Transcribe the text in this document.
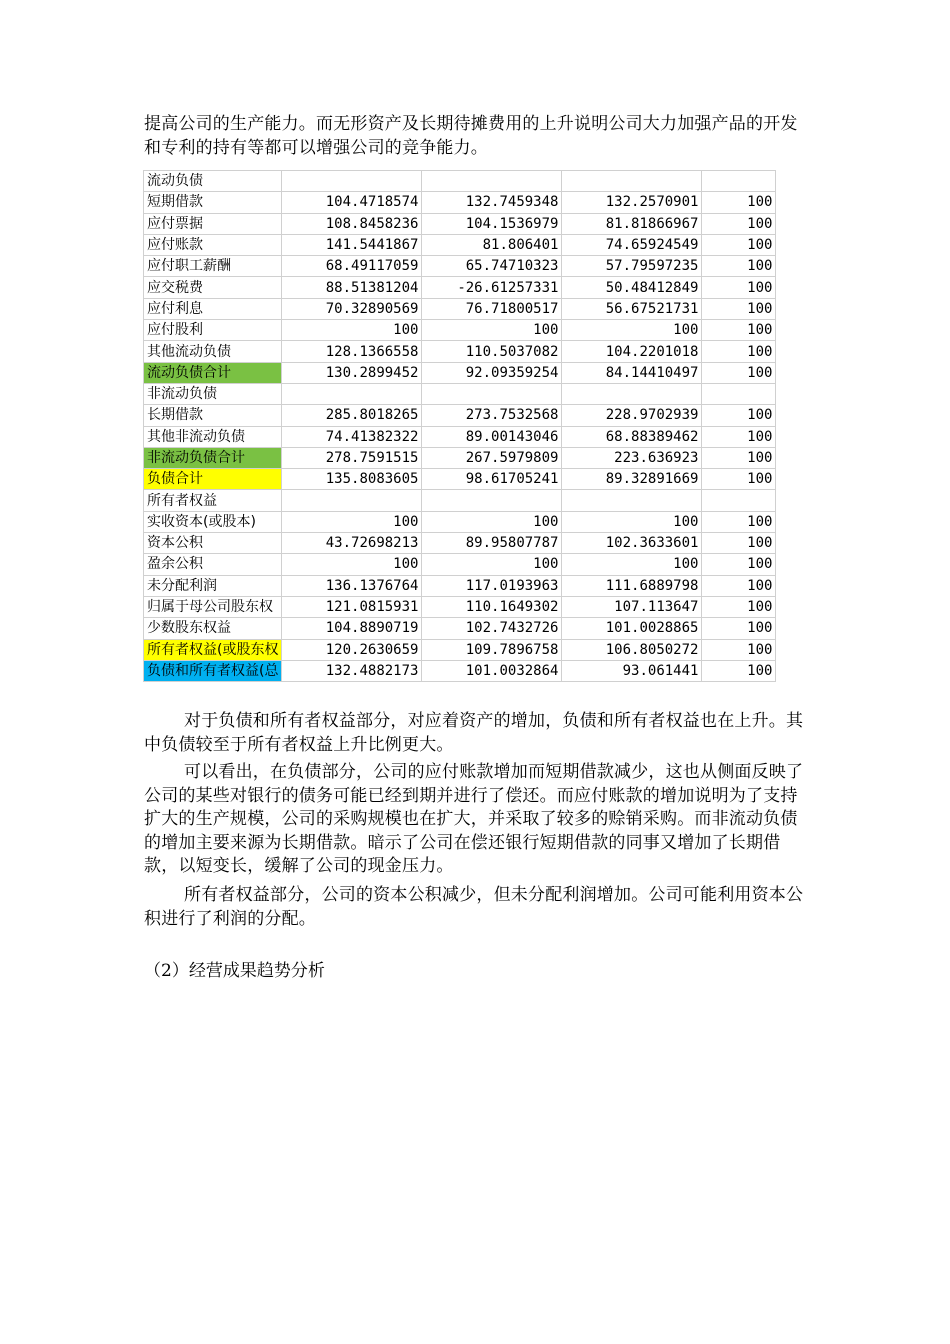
提高公司的生产能力。而无形资产及长期待摊费用的上升说明公司大力加强产品的开发和专利的持有等都可以增强公司的竞争能力。

流动负债				
短期借款	104.4718574	132.7459348	132.2570901	100
应付票据	108.8458236	104.1536979	81.81866967	100
应付账款	141.5441867	81.806401	74.65924549	100
应付职工薪酬	68.49117059	65.74710323	57.79597235	100
应交税费	88.51381204	-26.61257331	50.48412849	100
应付利息	70.32890569	76.71800517	56.67521731	100
应付股利	100	100	100	100
其他流动负债	128.1366558	110.5037082	104.2201018	100
流动负债合计	130.2899452	92.09359254	84.14410497	100
非流动负债				
长期借款	285.8018265	273.7532568	228.9702939	100
其他非流动负债	74.41382322	89.00143046	68.88389462	100
非流动负债合计	278.7591515	267.5979809	223.636923	100
负债合计	135.8083605	98.61705241	89.32891669	100
所有者权益				
实收资本(或股本)	100	100	100	100
资本公积	43.72698213	89.95807787	102.3633601	100
盈余公积	100	100	100	100
未分配利润	136.1376764	117.0193963	111.6889798	100
归属于母公司股东权	121.0815931	110.1649302	107.113647	100
少数股东权益	104.8890719	102.7432726	101.0028865	100
所有者权益(或股东权	120.2630659	109.7896758	106.8050272	100
负债和所有者权益(总	132.4882173	101.0032864	93.061441	100

对于负债和所有者权益部分，对应着资产的增加，负债和所有者权益也在上升。其中负债较至于所有者权益上升比例更大。

可以看出，在负债部分，公司的应付账款增加而短期借款减少，这也从侧面反映了公司的某些对银行的债务可能已经到期并进行了偿还。而应付账款的增加说明为了支持扩大的生产规模，公司的采购规模也在扩大，并采取了较多的赊销采购。而非流动负债的增加主要来源为长期借款。暗示了公司在偿还银行短期借款的同事又增加了长期借款，以短变长，缓解了公司的现金压力。

所有者权益部分，公司的资本公积减少，但未分配利润增加。公司可能利用资本公积进行了利润的分配。

（2）经营成果趋势分析
